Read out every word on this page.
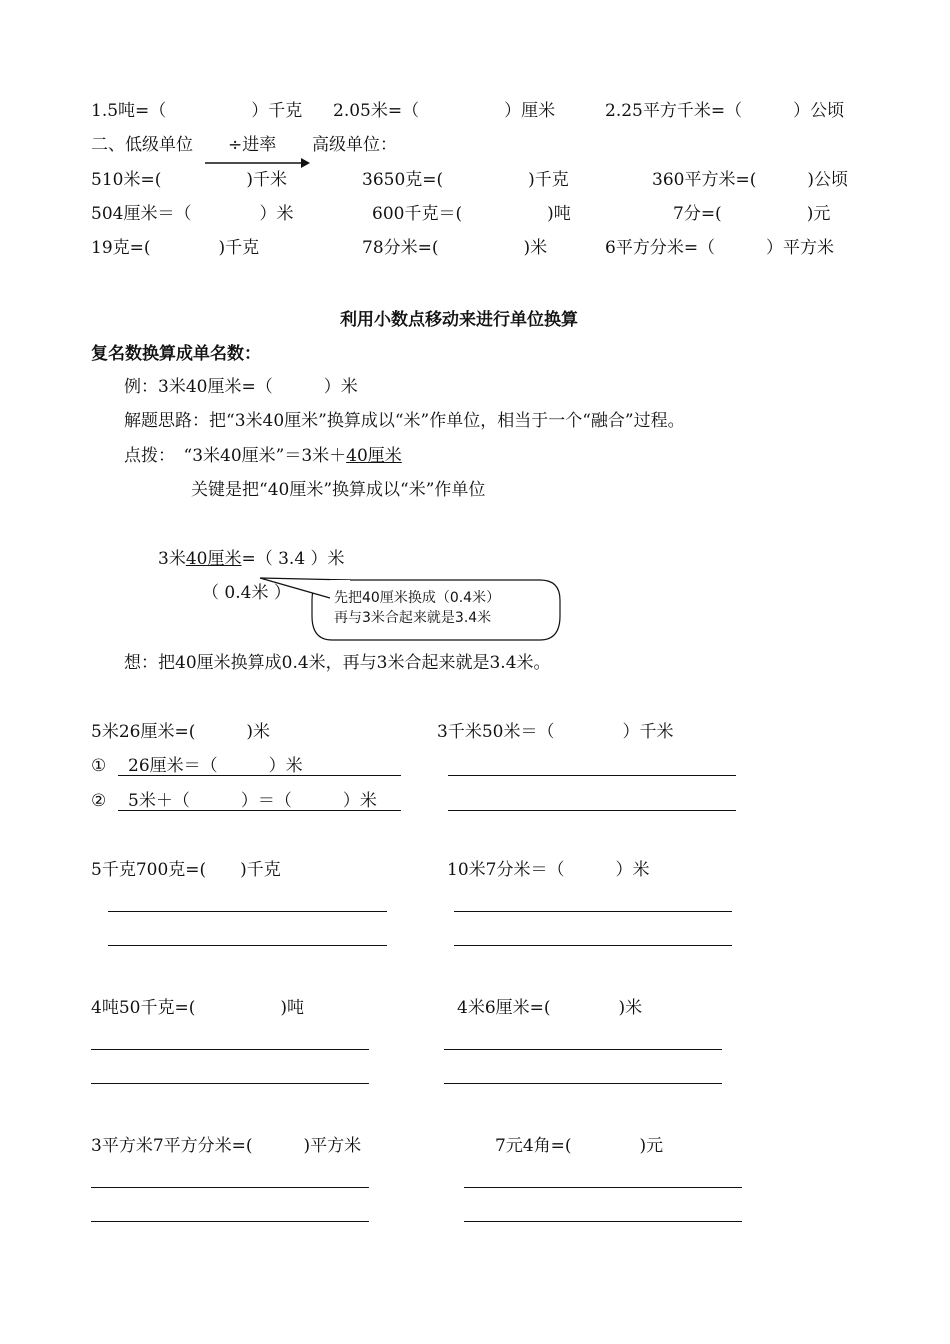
1.5吨=（　　　　　）千克 2.05米=（　　　　　）厘米	2.25平方千米=（　　　）公顷
二、低级单位 ÷进率 高级单位：
510米=(　　　　　)千米	3650克=(　　　　　)千克	360平方米=(　　　)公顷
504厘米＝（　　　　）米	600千克＝(　　　　　)吨	7分=(　　　　　)元
19克=(　　　　)千克	78分米=(　　　　　)米	6平方分米=（　　　）平方米
利用小数点移动来进行单位换算
复名数换算成单名数：
例：3米40厘米=（　　　）米
解题思路：把“3米40厘米”换算成以“米”作单位，相当于一个“融合”过程。
点拨：　“3米40厘米”＝3米＋40厘米
关键是把“40厘米”换算成以“米”作单位
3米40厘米=（ 3.4 ）米
（ 0.4米 ）	先把40厘米换成（0.4米）
再与3米合起来就是3.4米
想：把40厘米换算成0.4米，再与3米合起来就是3.4米。
5米26厘米=(　　　)米	3千米50米＝（　　　　）千米
① 26厘米＝（　　　）米
② 5米＋（　　　）＝（　　　）米
5千克700克=(　　)千克	10米7分米＝（　　　）米
4吨50千克=(　　　　　)吨	4米6厘米=(　　　　)米
3平方米7平方分米=(　　　)平方米	7元4角=(　　　　)元
